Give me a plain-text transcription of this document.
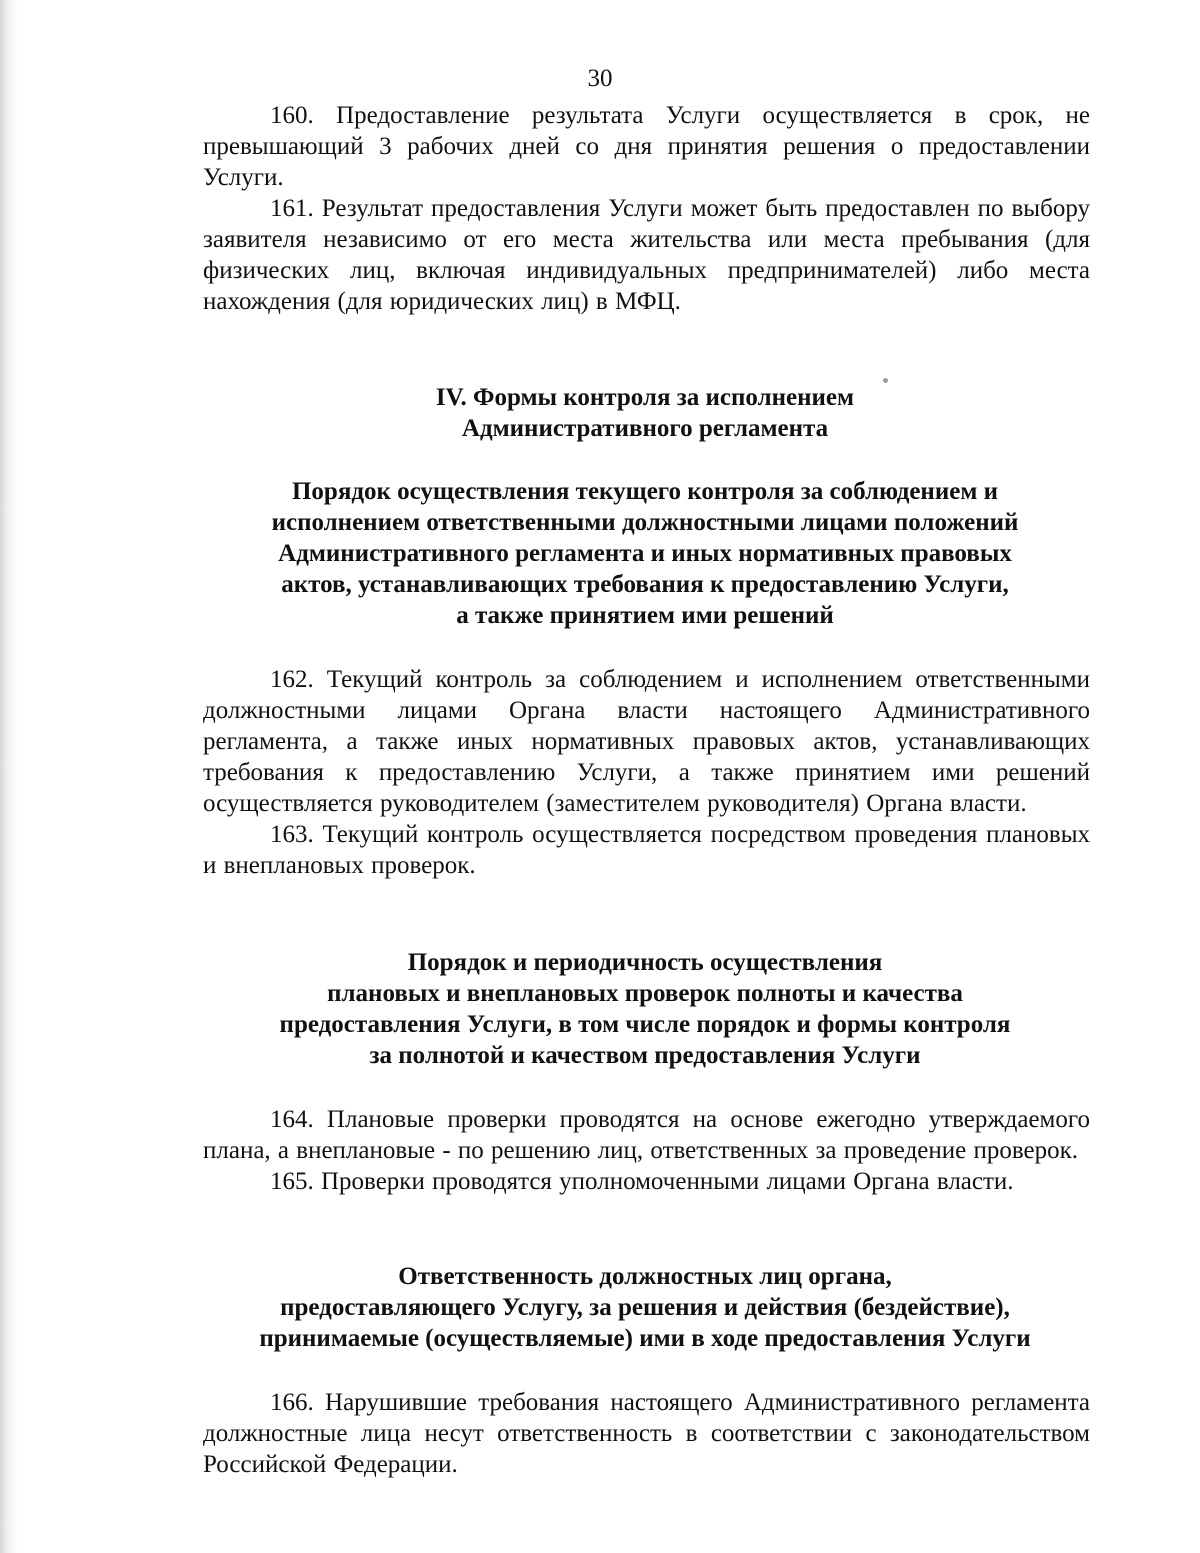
30

160. Предоставление результата Услуги осуществляется в срок, не превышающий 3 рабочих дней со дня принятия решения о предоставлении Услуги.

161. Результат предоставления Услуги может быть предоставлен по выбору заявителя независимо от его места жительства или места пребывания (для физических лиц, включая индивидуальных предпринимателей) либо места нахождения (для юридических лиц) в МФЦ.

IV. Формы контроля за исполнением
Административного регламента
Порядок осуществления текущего контроля за соблюдением и
исполнением ответственными должностными лицами положений
Административного регламента и иных нормативных правовых
актов, устанавливающих требования к предоставлению Услуги,
а также принятием ими решений

162. Текущий контроль за соблюдением и исполнением ответственными должностными лицами Органа власти настоящего Административного регламента, а также иных нормативных правовых актов, устанавливающих требования к предоставлению Услуги, а также принятием ими решений осуществляется руководителем (заместителем руководителя) Органа власти.

163. Текущий контроль осуществляется посредством проведения плановых и внеплановых проверок.

Порядок и периодичность осуществления
плановых и внеплановых проверок полноты и качества
предоставления Услуги, в том числе порядок и формы контроля
за полнотой и качеством предоставления Услуги

164. Плановые проверки проводятся на основе ежегодно утверждаемого плана, а внеплановые - по решению лиц, ответственных за проведение проверок.

165. Проверки проводятся уполномоченными лицами Органа власти.

Ответственность должностных лиц органа,
предоставляющего Услугу, за решения и действия (бездействие),
принимаемые (осуществляемые) ими в ходе предоставления Услуги

166. Нарушившие требования настоящего Административного регламента должностные лица несут ответственность в соответствии с законодательством Российской Федерации.
